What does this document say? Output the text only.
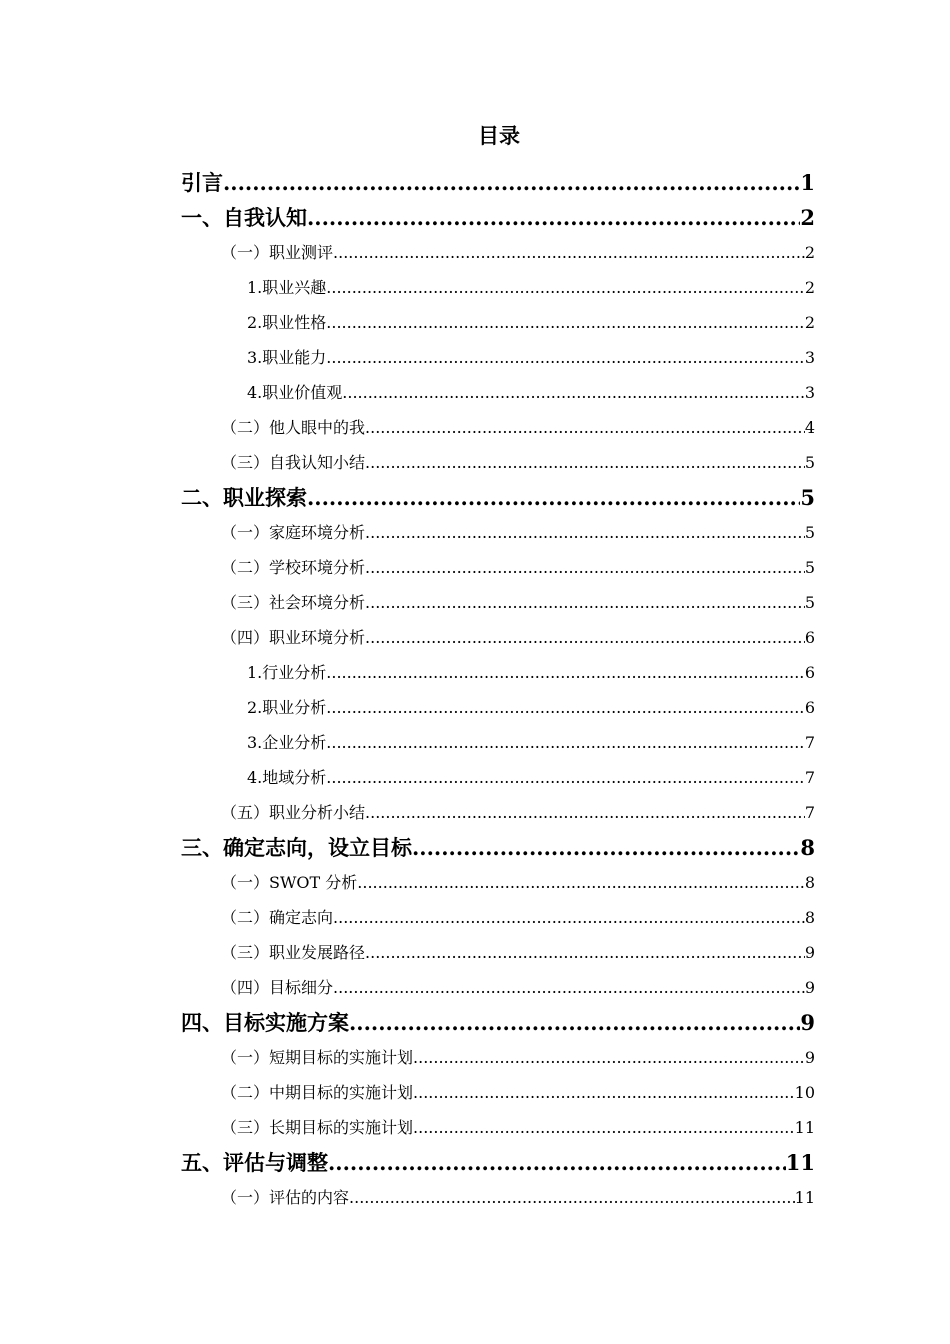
目录
引言 .....	1
一、自我认知 .....	2
（一）职业测评 .....	2
1.职业兴趣 .....	2
2.职业性格 .....	2
3.职业能力 .....	3
4.职业价值观 .....	3
（二）他人眼中的我 .....	4
（三）自我认知小结 .....	5
二、职业探索 .....	5
（一）家庭环境分析 .....	5
（二）学校环境分析 .....	5
（三）社会环境分析 .....	5
（四）职业环境分析 .....	6
1.行业分析 .....	6
2.职业分析 .....	6
3.企业分析 .....	7
4.地域分析 .....	7
（五）职业分析小结 .....	7
三、确定志向，设立目标 .....	8
（一）SWOT 分析 .....	8
（二）确定志向 .....	8
（三）职业发展路径 .....	9
（四）目标细分 .....	9
四、目标实施方案 .....	9
（一）短期目标的实施计划 .....	9
（二）中期目标的实施计划 .....	10
（三）长期目标的实施计划 .....	11
五、评估与调整 .....	11
（一）评估的内容 .....	11
